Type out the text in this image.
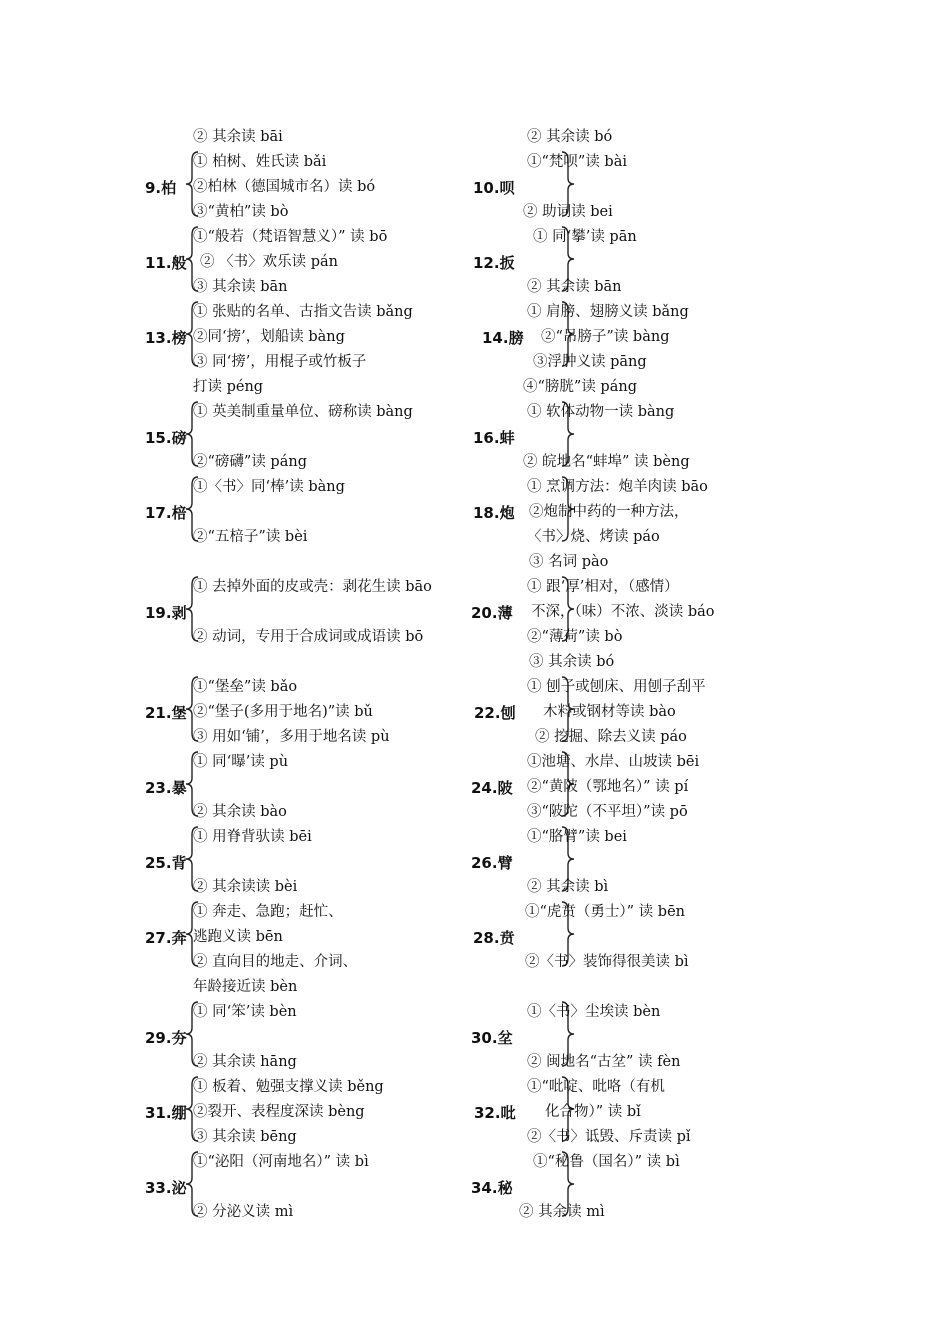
② 其余读 bāi
9.柏
① 柏树、姓氏读 bǎi
②柏林（德国城市名）读 bó
③“黄柏”读 bò
11.般
①“般若（梵语智慧义）” 读 bō
② 〈书〉欢乐读 pán
③ 其余读 bān
13.榜
① 张贴的名单、古指文告读 bǎng
②同‘搒’，划船读 bàng
③ 同‘搒’，用棍子或竹板子
打读 péng
15.磅
① 英美制重量单位、磅称读 bàng
②“磅礴”读 páng
17.棓
①〈书〉同‘棒’读 bàng
②“五棓子”读 bèi
19.剥
① 去掉外面的皮或壳：剥花生读 bāo
② 动词，专用于合成词或成语读 bō
21.堡
①“堡垒”读 bǎo
②“堡子(多用于地名)”读 bǔ
③ 用如‘铺’，多用于地名读 pù
23.暴
① 同‘曝’读 pù
② 其余读 bào
25.背
① 用脊背驮读 bēi
② 其余读读 bèi
27.奔
① 奔走、急跑；赶忙、
逃跑义读 bēn
② 直向目的地走、介词、
年龄接近读 bèn
29.夯
① 同‘笨’读 bèn
② 其余读 hāng
31.绷
① 板着、勉强支撑义读 běng
②裂开、表程度深读 bèng
③ 其余读 bēng
33.泌
①“泌阳（河南地名）” 读 bì
② 分泌义读 mì
② 其余读 bó
10.呗
①“梵呗”读 bài
② 助词读 bei
12.扳
① 同‘攀’读 pān
② 其余读 bān
14.膀
① 肩膀、翅膀义读 bǎng
②“吊膀子”读 bàng
③浮肿义读 pāng
④“膀胱”读 páng
16.蚌
① 软体动物一读 bàng
② 皖地名“蚌埠” 读 bèng
18.炮
① 烹调方法：炮羊肉读 bāo
②炮制中药的一种方法，
〈书〉烧、烤读 páo
③ 名词 pào
20.薄
① 跟‘厚’相对，（感情）
不深，（味）不浓、淡读 báo
②“薄荷”读 bò
③ 其余读 bó
22.刨
① 刨子或刨床、用刨子刮平
木料或钢材等读 bào
② 挖掘、除去义读 páo
24.陂
①池塘、水岸、山坡读 bēi
②“黄陂（鄂地名）” 读 pí
③“陂陀（不平坦）”读 pō
26.臂
①“胳臂”读 bei
② 其余读 bì
28.贲
①“虎贲（勇士）” 读 bēn
②〈书〉装饰得很美读 bì
30.坌
①〈书〉尘埃读 bèn
② 闽地名“古坌” 读 fèn
32.吡
①“吡啶、吡咯（有机
化合物）” 读 bǐ
②〈书〉诋毁、斥责读 pǐ
34.秘
①“秘鲁（国名）” 读 bì
② 其余读 mì
